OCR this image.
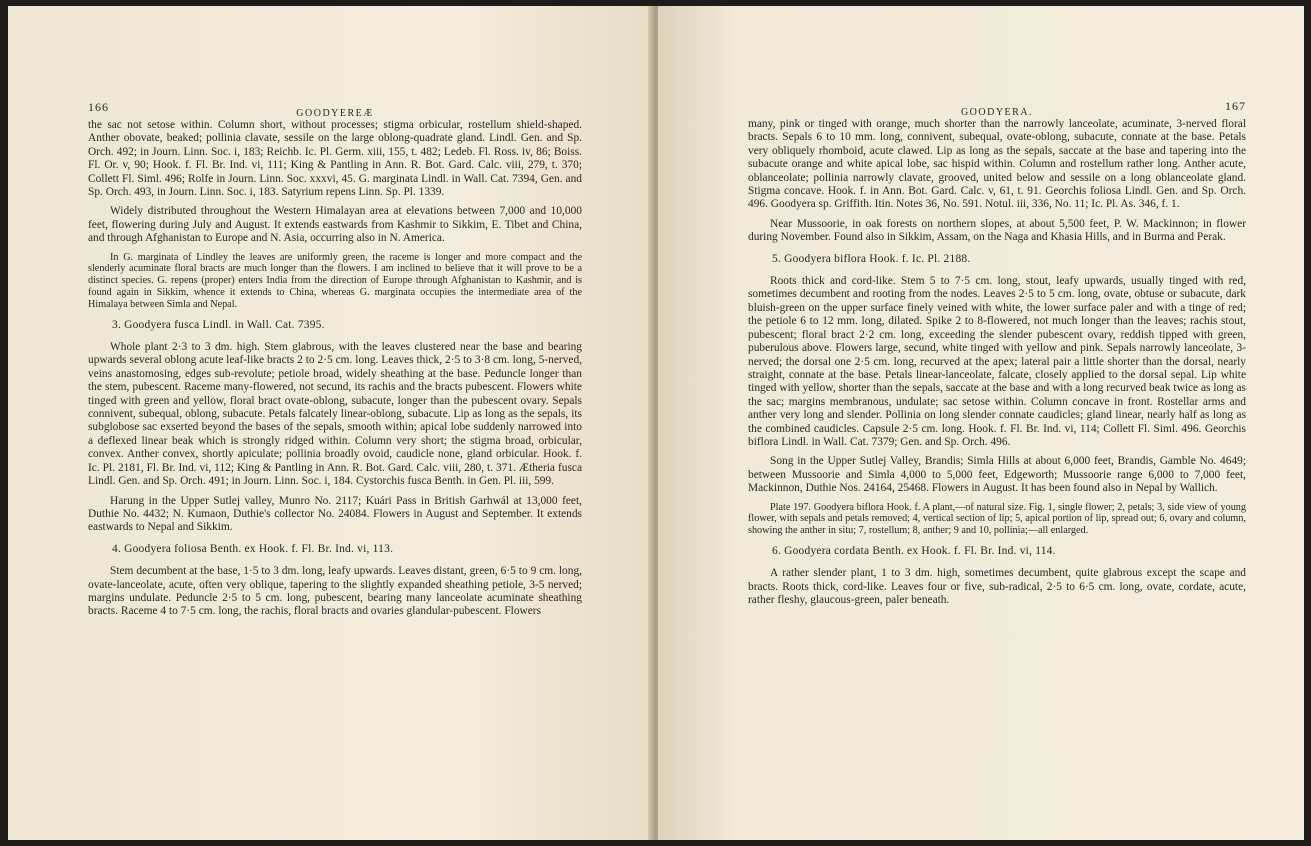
166	GOODYEREÆ

the sac not setose within. Column short, without processes; stigma orbicular, rostellum shield-shaped. Anther obovate, beaked; pollinia clavate, sessile on the large oblong-quadrate gland. Lindl. Gen. and Sp. Orch. 492; in Journ. Linn. Soc. i, 183; Reichb. Ic. Pl. Germ. xiii, 155, t. 482; Ledeb. Fl. Ross. iv, 86; Boiss. Fl. Or. v, 90; Hook. f. Fl. Br. Ind. vi, 111; King & Pantling in Ann. R. Bot. Gard. Calc. viii, 279, t. 370; Collett Fl. Siml. 496; Rolfe in Journ. Linn. Soc. xxxvi, 45. G. marginata Lindl. in Wall. Cat. 7394, Gen. and Sp. Orch. 493, in Journ. Linn. Soc. i, 183. Satyrium repens Linn. Sp. Pl. 1339.

Widely distributed throughout the Western Himalayan area at elevations between 7,000 and 10,000 feet, flowering during July and August. It extends eastwards from Kashmir to Sikkim, E. Tibet and China, and through Afghanistan to Europe and N. Asia, occurring also in N. America.

In G. marginata of Lindley the leaves are uniformly green, the raceme is longer and more compact and the slenderly acuminate floral bracts are much longer than the flowers. I am inclined to believe that it will prove to be a distinct species. G. repens (proper) enters India from the direction of Europe through Afghanistan to Kashmir, and is found again in Sikkim, whence it extends to China, whereas G. marginata occupies the intermediate area of the Himalaya between Simla and Nepal.

3. Goodyera fusca Lindl. in Wall. Cat. 7395.

Whole plant 2·3 to 3 dm. high. Stem glabrous, with the leaves clustered near the base and bearing upwards several oblong acute leaf-like bracts 2 to 2·5 cm. long. Leaves thick, 2·5 to 3·8 cm. long, 5-nerved, veins anastomosing, edges sub-revolute; petiole broad, widely sheathing at the base. Peduncle longer than the stem, pubescent. Raceme many-flowered, not secund, its rachis and the bracts pubescent. Flowers white tinged with green and yellow, floral bract ovate-oblong, subacute, longer than the pubescent ovary. Sepals connivent, subequal, oblong, subacute. Petals falcately linear-oblong, subacute. Lip as long as the sepals, its subglobose sac exserted beyond the bases of the sepals, smooth within; apical lobe suddenly narrowed into a deflexed linear beak which is strongly ridged within. Column very short; the stigma broad, orbicular, convex. Anther convex, shortly apiculate; pollinia broadly ovoid, caudicle none, gland orbicular. Hook. f. Ic. Pl. 2181, Fl. Br. Ind. vi, 112; King & Pantling in Ann. R. Bot. Gard. Calc. viii, 280, t. 371. Ætheria fusca Lindl. Gen. and Sp. Orch. 491; in Journ. Linn. Soc. i, 184. Cystorchis fusca Benth. in Gen. Pl. iii, 599.

Harung in the Upper Sutlej valley, Munro No. 2117; Kuári Pass in British Garhwál at 13,000 feet, Duthie No. 4432; N. Kumaon, Duthie's collector No. 24084. Flowers in August and September. It extends eastwards to Nepal and Sikkim.

4. Goodyera foliosa Benth. ex Hook. f. Fl. Br. Ind. vi, 113.

Stem decumbent at the base, 1·5 to 3 dm. long, leafy upwards. Leaves distant, green, 6·5 to 9 cm. long, ovate-lanceolate, acute, often very oblique, tapering to the slightly expanded sheathing petiole, 3-5 nerved; margins undulate. Peduncle 2·5 to 5 cm. long, pubescent, bearing many lanceolate acuminate sheathing bracts. Raceme 4 to 7·5 cm. long, the rachis, floral bracts and ovaries glandular-pubescent. Flowers

GOODYERA.	167

many, pink or tinged with orange, much shorter than the narrowly lanceolate, acuminate, 3-nerved floral bracts. Sepals 6 to 10 mm. long, connivent, subequal, ovate-oblong, subacute, connate at the base. Petals very obliquely rhomboid, acute clawed. Lip as long as the sepals, saccate at the base and tapering into the subacute orange and white apical lobe, sac hispid within. Column and rostellum rather long. Anther acute, oblanceolate; pollinia narrowly clavate, grooved, united below and sessile on a long oblanceolate gland. Stigma concave. Hook. f. in Ann. Bot. Gard. Calc. v, 61, t. 91. Georchis foliosa Lindl. Gen. and Sp. Orch. 496. Goodyera sp. Griffith. Itin. Notes 36, No. 591. Notul. iii, 336, No. 11; Ic. Pl. As. 346, f. 1.

Near Mussoorie, in oak forests on northern slopes, at about 5,500 feet, P. W. Mackinnon; in flower during November. Found also in Sikkim, Assam, on the Naga and Khasia Hills, and in Burma and Perak.

5. Goodyera biflora Hook. f. Ic. Pl. 2188.

Roots thick and cord-like. Stem 5 to 7·5 cm. long, stout, leafy upwards, usually tinged with red, sometimes decumbent and rooting from the nodes. Leaves 2·5 to 5 cm. long, ovate, obtuse or subacute, dark bluish-green on the upper surface finely veined with white, the lower surface paler and with a tinge of red; the petiole 6 to 12 mm. long, dilated. Spike 2 to 8-flowered, not much longer than the leaves; rachis stout, pubescent; floral bract 2·2 cm. long, exceeding the slender pubescent ovary, reddish tipped with green, puberulous above. Flowers large, secund, white tinged with yellow and pink. Sepals narrowly lanceolate, 3-nerved; the dorsal one 2·5 cm. long, recurved at the apex; lateral pair a little shorter than the dorsal, nearly straight, connate at the base. Petals linear-lanceolate, falcate, closely applied to the dorsal sepal. Lip white tinged with yellow, shorter than the sepals, saccate at the base and with a long recurved beak twice as long as the sac; margins membranous, undulate; sac setose within. Column concave in front. Rostellar arms and anther very long and slender. Pollinia on long slender connate caudicles; gland linear, nearly half as long as the combined caudicles. Capsule 2·5 cm. long. Hook. f. Fl. Br. Ind. vi, 114; Collett Fl. Siml. 496. Georchis biflora Lindl. in Wall. Cat. 7379; Gen. and Sp. Orch. 496.

Song in the Upper Sutlej Valley, Brandis; Simla Hills at about 6,000 feet, Brandis, Gamble No. 4649; between Mussoorie and Simla 4,000 to 5,000 feet, Edgeworth; Mussoorie range 6,000 to 7,000 feet, Mackinnon, Duthie Nos. 24164, 25468. Flowers in August. It has been found also in Nepal by Wallich.

Plate 197. Goodyera biflora Hook. f. A plant,—of natural size. Fig. 1, single flower; 2, petals; 3, side view of young flower, with sepals and petals removed; 4, vertical section of lip; 5, apical portion of lip, spread out; 6, ovary and column, showing the anther in situ; 7, rostellum; 8, anther; 9 and 10, pollinia;—all enlarged.

6. Goodyera cordata Benth. ex Hook. f. Fl. Br. Ind. vi, 114.

A rather slender plant, 1 to 3 dm. high, sometimes decumbent, quite glabrous except the scape and bracts. Roots thick, cord-like. Leaves four or five, sub-radical, 2·5 to 6·5 cm. long, ovate, cordate, acute, rather fleshy, glaucous-green, paler beneath.
